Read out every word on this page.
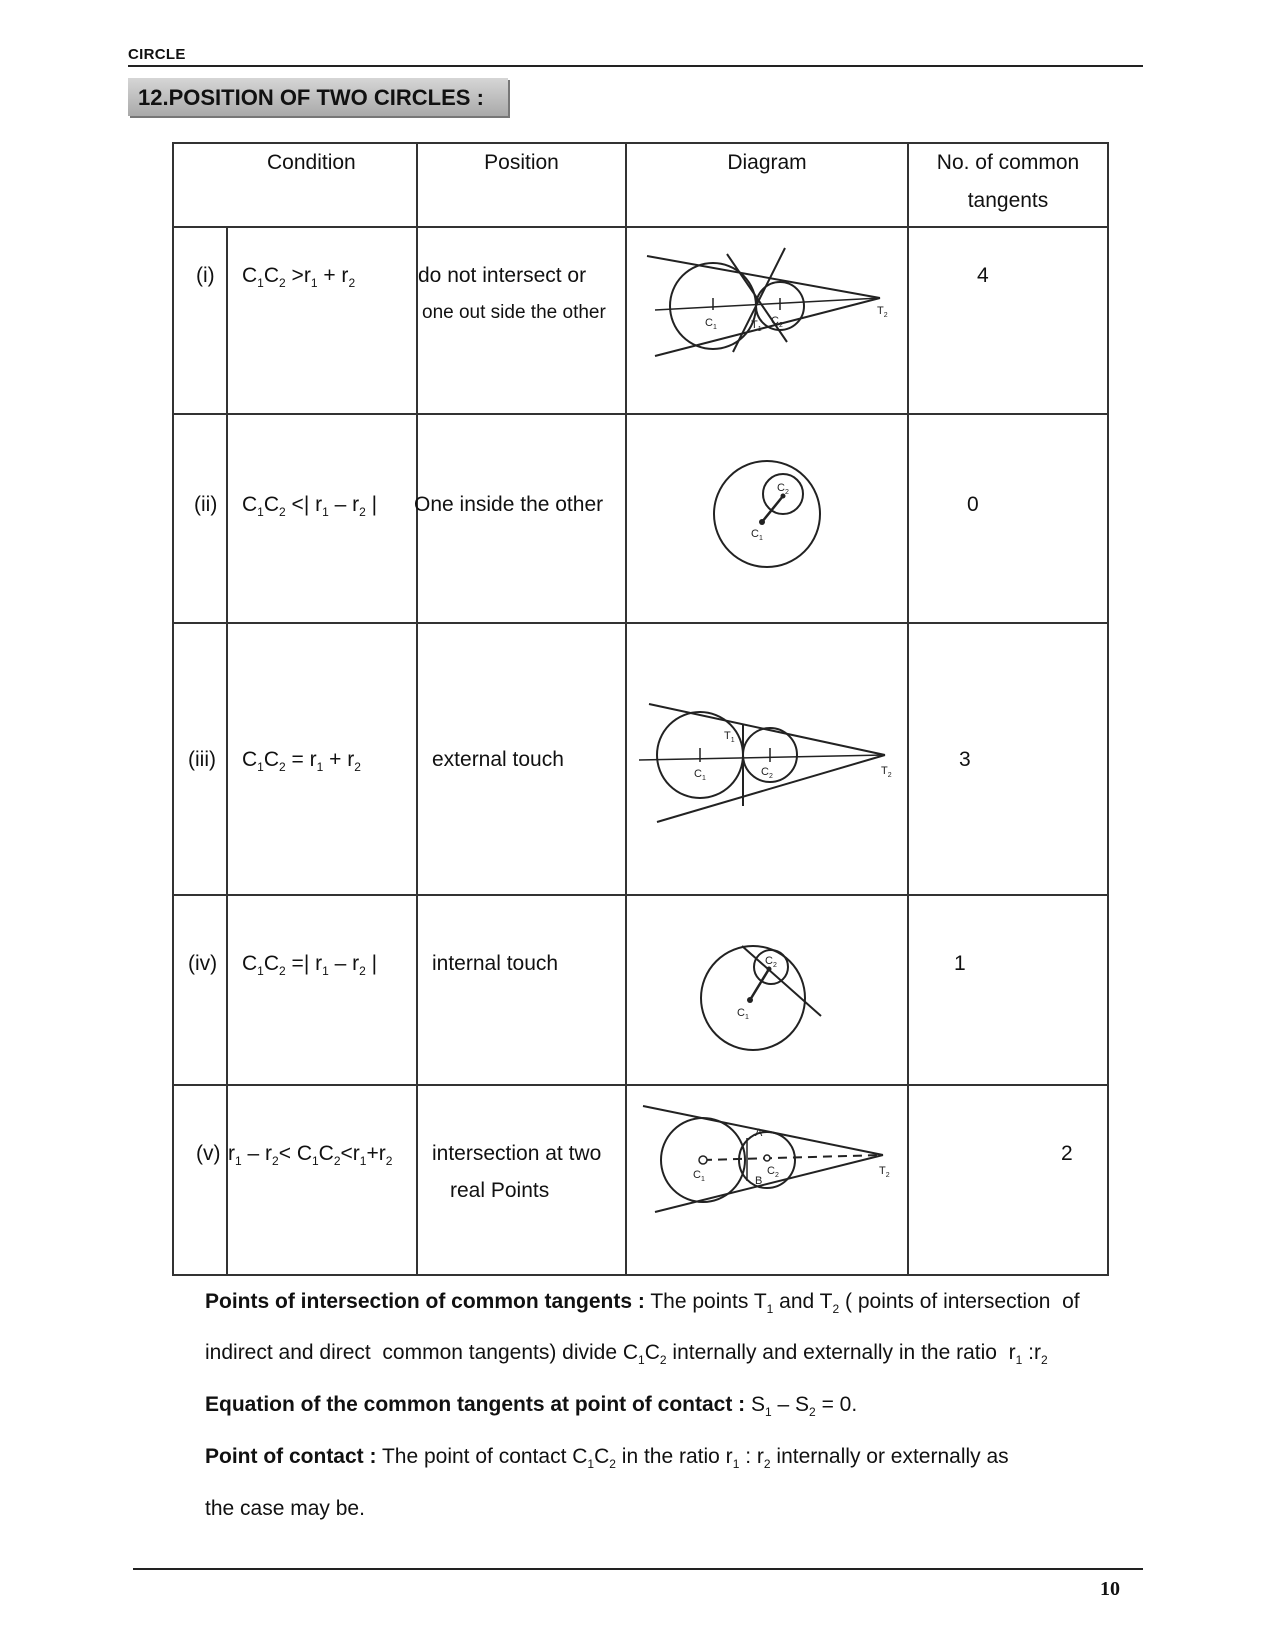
CIRCLE
12.POSITION OF TWO CIRCLES :
	Condition	Position	Diagram	No. of common
tangents

(i)	$C_1C_2 >r_1 + r_2$	do not intersect or
one out side the other	$C_1$ $T_1$
$C_2$
$T_2$	4

(ii)	$C_1C_2$ <| $r_1 - r_2$ |	One inside the other	$C_1$
$C_2$	0

(iii)	$C_1C_2 = r_1 + r_2$	external touch	$C_1$
$C_2$
$T_1$
$T_2$	3

(iv)	$C_1C_2$ =| $r_1 - r_2$ |	internal touch	$C_1$
$C_2$	1

(v)	$r_1 - r_2< C_1C_2<r_1+r_2$	intersection at two
real Points	$C_1$
$C_2$
A
B
$T_2$	2
Points of intersection of common tangents : The points $T_1$ and $T_2$ ( points of intersection  of
indirect and direct  common tangents) divide $C_1C_2$ internally and externally in the ratio  $r_1$ $:r_2$
Equation of the common tangents at point of contact : $S_1 - S_2 = 0$.
Point of contact : The point of contact $C_1C_2$ in the ratio $r_1$ : $r_2$ internally or externally as
the case may be.
10
